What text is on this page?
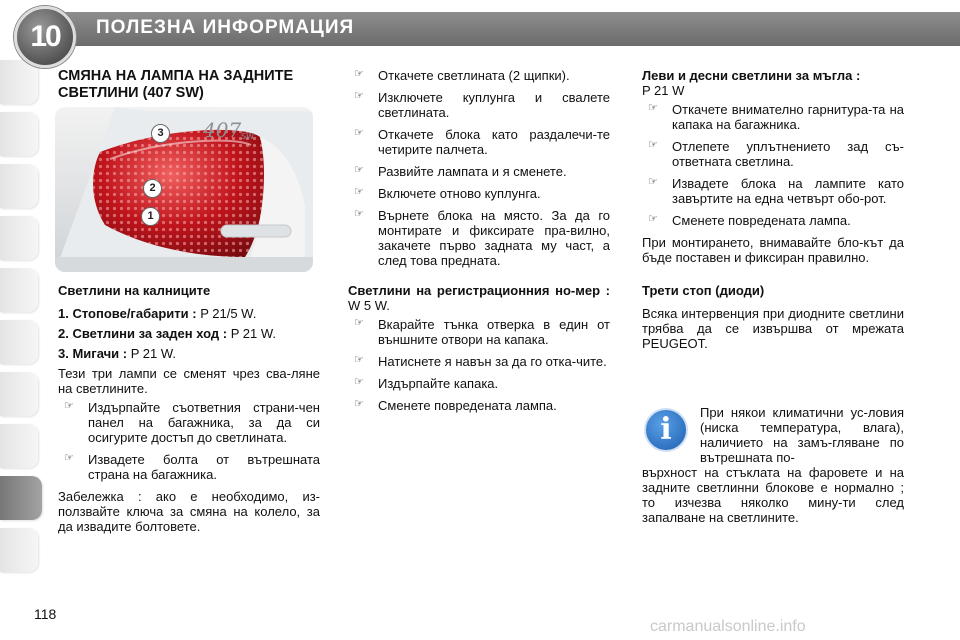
10 ПОЛЕЗНА ИНФОРМАЦИЯ
СМЯНА НА ЛАМПА НА ЗАДНИТЕ СВЕТЛИНИ (407 SW)
407 SW
1
2
3

Светлини на калниците

1. Стопове/габарити : P 21/5 W.
2. Светлини за заден ход : P 21 W.
3. Мигачи : P 21 W.

Тези три лампи се сменят чрез сва-ляне на светлините.

☞ Издърпайте съответния страни-чен панел на багажника, за да си осигурите достъп до светлината.
☞ Извадете болта от вътрешната страна на багажника.

Забележка : ако е необходимо, из-ползвайте ключа за смяна на колело, за да извадите болтовете.

☞ Откачете светлината (2 щипки).
☞ Изключете куплунга и свалете светлината.
☞ Откачете блока като раздалечи-те четирите палчета.
☞ Развийте лампата и я сменете.
☞ Включете отново куплунга.
☞ Върнете блока на място. За да го монтирате и фиксирате пра-вилно, закачете първо задната му част, а след това предната.

Светлини на регистрационния но-мер : W 5 W.

☞ Вкарайте тънка отверка в един от външните отвори на капака.
☞ Натиснете я навън за да го отка-чите.
☞ Издърпайте капака.
☞ Сменете повредената лампа.

Леви и десни светлини за мъгла :

P 21 W

☞ Откачете внимателно гарнитура-та на капака на багажника.
☞ Отлепете уплътнението зад съ-ответната светлина.
☞ Извадете блока на лампите като завъртите на една четвърт обо-рот.
☞ Сменете повредената лампа.

При монтирането, внимавайте бло-кът да бъде поставен и фиксиран правилно.

Трети стоп (диоди)

Всяка интервенция при диодните светлини трябва да се извършва от мрежата PEUGEOT.

i	При някои климатични ус-ловия (ниска температура, влага), наличието на замъ-гляване по вътрешната по-
върхност на стъклата на фаровете и на задните светлинни блокове е нормално ; то изчезва няколко мину-ти след запалване на светлините.
118
carmanualsonline.info
